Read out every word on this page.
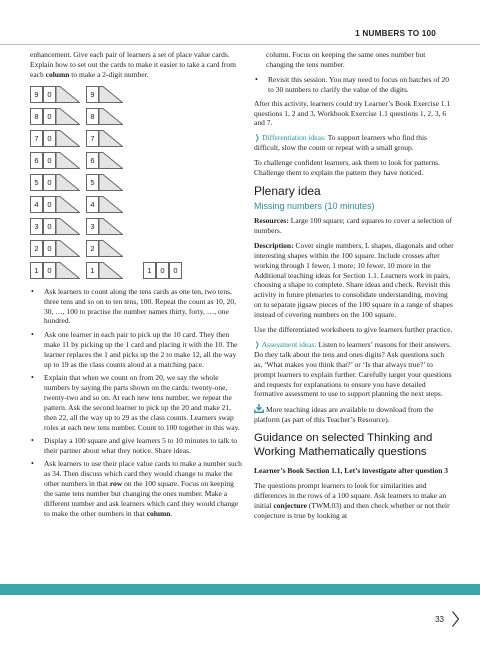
1 NUMBERS TO 100

enhancement. Give each pair of learners a set of place value cards. Explain how to set out the cards to make it easier to take a card from each column to make a 2-digit number.

9	0	9
8	0	8
7	0	7
6	0	6
5	0	5
4	0	4
3	0	3
2	0	2
1	0	1	1	0	0
• Ask learners to count along the tens cards as one ten, two tens, three tens and so on to ten tens, 100. Repeat the count as 10, 20, 30, …, 100 to practise the number names thirty, forty, …, one hundred.
• Ask one learner in each pair to pick up the 10 card. They then make 11 by picking up the 1 card and placing it with the 10. The learner replaces the 1 and picks up the 2 to make 12, all the way up to 19 as the class counts aloud at a matching pace.
• Explain that when we count on from 20, we say the whole numbers by saying the parts shown on the cards: twenty-one, twenty-two and so on. At each new tens number, we repeat the pattern. Ask the second learner to pick up the 20 and make 21, then 22, all the way up to 29 as the class counts. Learners swap roles at each new tens number. Count to 100 together in this way.
• Display a 100 square and give learners 5 to 10 minutes to talk to their partner about what they notice. Share ideas.
• Ask learners to use their place value cards to make a number such as 34. Then discuss which card they would change to make the other numbers in that row on the 100 square. Focus on keeping the same tens number but changing the ones number. Make a different number and ask learners which card they would change to make the other numbers in that column.

column. Focus on keeping the same ones number but changing the tens number.

• Revisit this session. You may need to focus on batches of 20 to 30 numbers to clarify the value of the digits.

After this activity, learners could try Learner’s Book Exercise 1.1 questions 1, 2 and 3, Workbook Exercise 1.1 questions 1, 2, 3, 6 and 7.

❭ Differentiation ideas: To support learners who find this difficult, slow the count or repeat with a small group.

To challenge confident learners, ask them to look for patterns. Challenge them to explain the pattern they have noticed.

Plenary idea
Missing numbers (10 minutes)

Resources: Large 100 square; card squares to cover a selection of numbers.

Description: Cover single numbers, L shapes, diagonals and other interesting shapes within the 100 square. Include crosses after working through 1 fewer, 1 more; 10 fewer, 10 more in the Additional teaching ideas for Section 1.1. Learners work in pairs, choosing a shape to complete. Share ideas and check. Revisit this activity in future plenaries to consolidate understanding, moving on to separate jigsaw pieces of the 100 square in a range of shapes instead of covering numbers on the 100 square.

Use the differentiated worksheets to give learners further practice.

❭ Assessment ideas: Listen to learners’ reasons for their answers. Do they talk about the tens and ones digits? Ask questions such as, ‘What makes you think that?’ or ‘Is that always true?’ to prompt learners to explain further. Carefully target your questions and requests for explanations to ensure you have detailed formative assessment to use to support planning the next steps.

More teaching ideas are available to download from the platform (as part of this Teacher’s Resource).

Guidance on selected Thinking and Working Mathematically questions

Learner’s Book Section 1.1, Let’s investigate after question 3

The questions prompt learners to look for similarities and differences in the rows of a 100 square. Ask learners to make an initial conjecture (TWM.03) and then check whether or not their conjecture is true by looking at

33
